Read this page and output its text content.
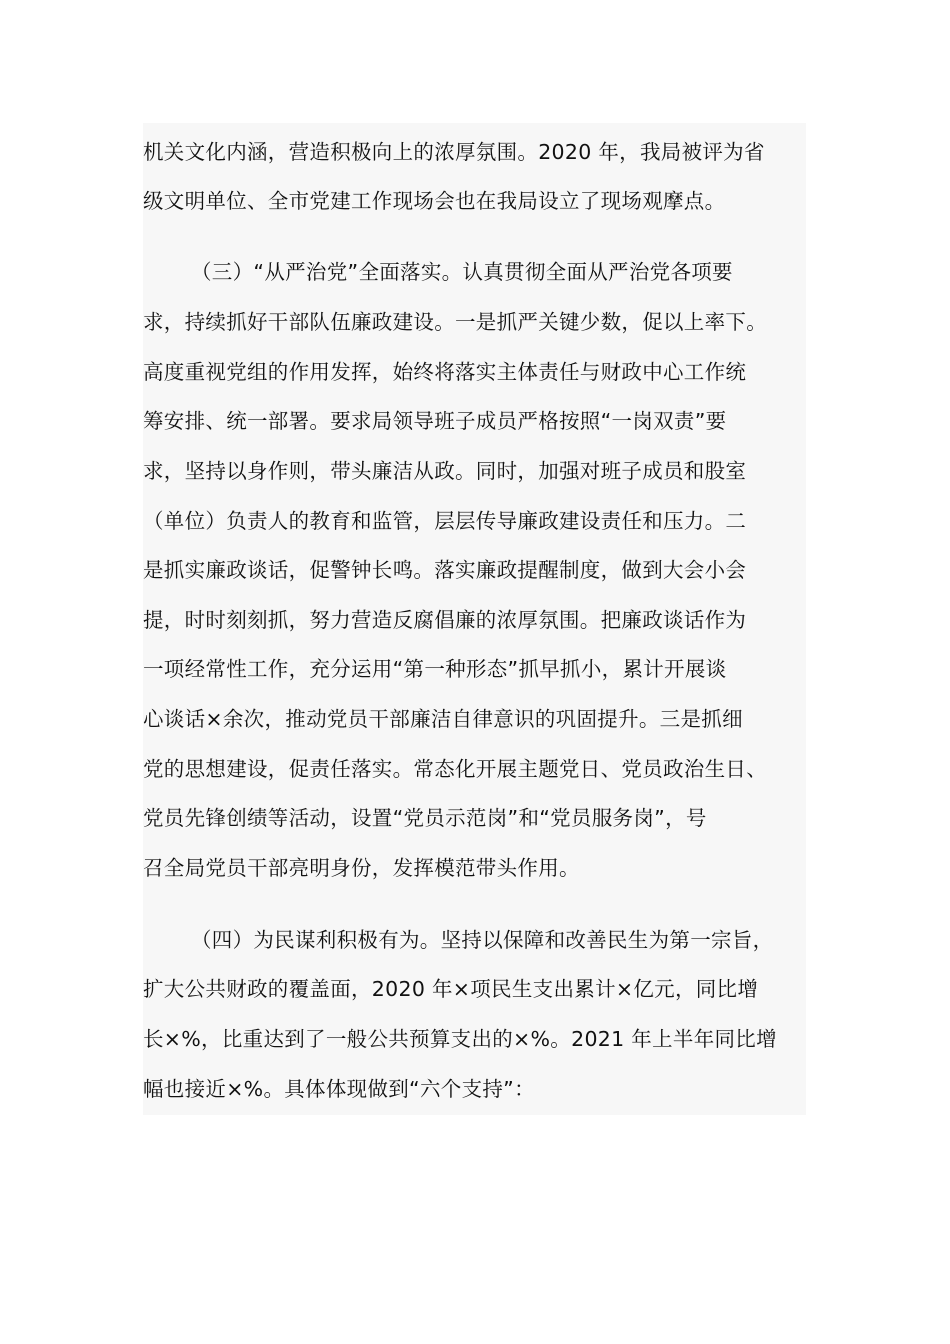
机关文化内涵，营造积极向上的浓厚氛围。2020 年，我局被评为省
级文明单位、全市党建工作现场会也在我局设立了现场观摩点。
（三）“从严治党”全面落实。认真贯彻全面从严治党各项要
求，持续抓好干部队伍廉政建设。一是抓严关键少数，促以上率下。
高度重视党组的作用发挥，始终将落实主体责任与财政中心工作统
筹安排、统一部署。要求局领导班子成员严格按照“一岗双责”要
求，坚持以身作则，带头廉洁从政。同时，加强对班子成员和股室
（单位）负责人的教育和监管，层层传导廉政建设责任和压力。二
是抓实廉政谈话，促警钟长鸣。落实廉政提醒制度，做到大会小会
提，时时刻刻抓，努力营造反腐倡廉的浓厚氛围。把廉政谈话作为
一项经常性工作，充分运用“第一种形态”抓早抓小，累计开展谈
心谈话×余次，推动党员干部廉洁自律意识的巩固提升。三是抓细
党的思想建设，促责任落实。常态化开展主题党日、党员政治生日、
党员先锋创绩等活动，设置“党员示范岗”和“党员服务岗”，号
召全局党员干部亮明身份，发挥模范带头作用。
（四）为民谋利积极有为。坚持以保障和改善民生为第一宗旨，
扩大公共财政的覆盖面，2020 年×项民生支出累计×亿元，同比增
长×%，比重达到了一般公共预算支出的×%。2021 年上半年同比增
幅也接近×%。具体体现做到“六个支持”：
